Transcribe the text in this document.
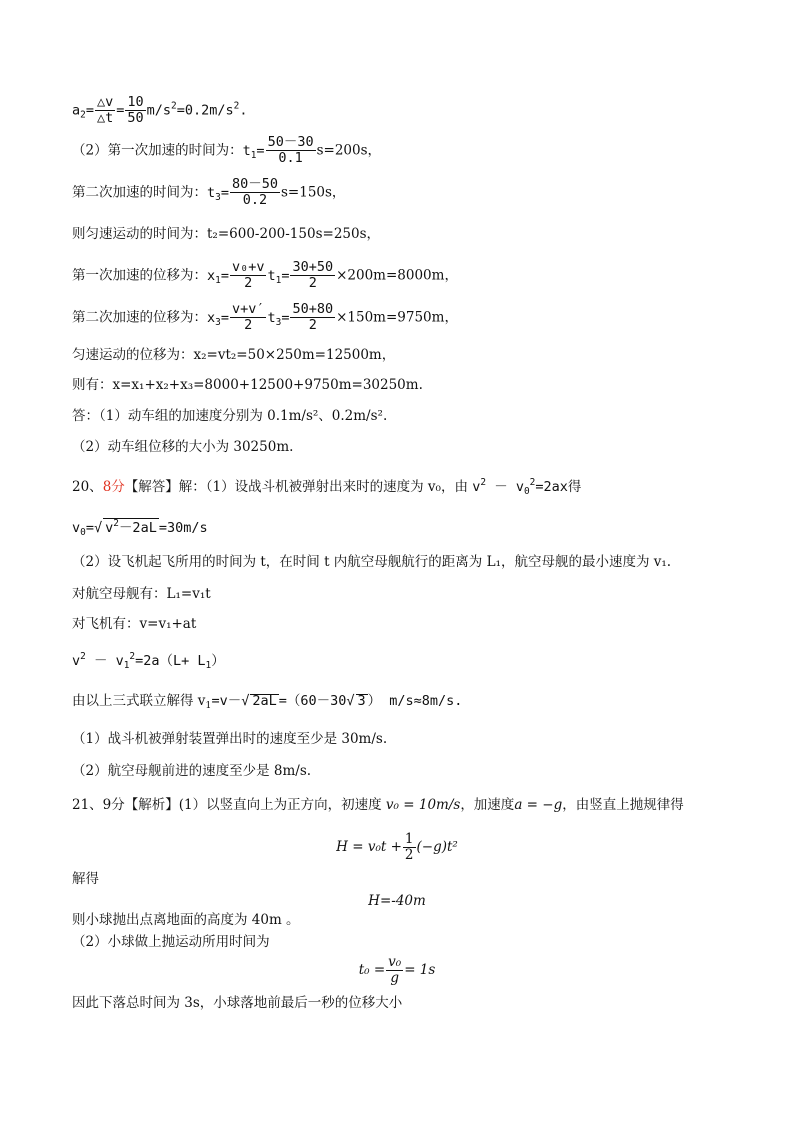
$a_2= \frac{\triangle v}{\triangle t} = \frac{10}{50} m/s^2=0.2m/s^2$.
（2）第一次加速的时间为：$t_1= \frac{50-30}{0.1} s=200s$，
第二次加速的时间为：$t_3= \frac{80-50}{0.2} s=150s$，
则匀速运动的时间为：t₂=600-200-150s=250s，
第一次加速的位移为：$x_1= \frac{\text{v₀+v}}{2} t_1= \frac{30+50}{2} \times 200m=8000m$，
第二次加速的位移为：$x_3= \frac{v+v'}{2} t_3= \frac{50+80}{2} \times 150m=9750m$，
匀速运动的位移为：x₂=vt₂=50×250m=12500m，
则有：x=x₁+x₂+x₃=8000+12500+9750m=30250m.
答：（1）动车组的加速度分别为 0.1m/s²、0.2m/s².
（2）动车组位移的大小为 30250m.
20、8分【解答】解：（1）设战斗机被弹射出来时的速度为 v₀，由 $v^2 - v_0^2=2ax$得
$v_0=√$ $v^2-2aL =30m/s$
（2）设飞机起飞所用的时间为 t，在时间 t 内航空母舰航行的距离为 L₁，航空母舰的最小速度为 v₁.
对航空母舰有：L₁=v₁t
对飞机有：v=v₁+at
$v^2 - v_1^2=2a(L+ L_1)$
由以上三式联立解得 $v_1=v-√$ 2aL =（60－30√ 3 ） m/s≈8m/s.
（1）战斗机被弹射装置弹出时的速度至少是 30m/s.
（2）航空母舰前进的速度至少是 8m/s.
21、9分【解析】(1）以竖直向上为正方向，初速度 v₀ = 10m/s，加速度a = −g，由竖直上抛规律得
$H = v_0t + \frac{1}{2} (-g)t^2$
解得
H=-40m
则小球抛出点离地面的高度为 40m 。
（2）小球做上抛运动所用时间为
$t_0 = \frac{\text{v₀}}{g} = 1s$
因此下落总时间为 3s，小球落地前最后一秒的位移大小
